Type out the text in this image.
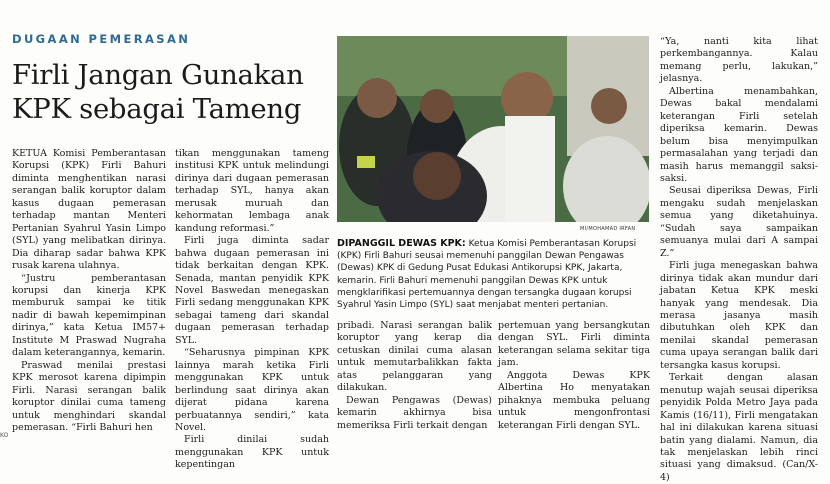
DUGAAN PEMERASAN
Firli Jangan Gunakan KPK sebagai Tameng

KETUA Komisi Pemberantasan Korupsi (KPK) Firli Bahuri diminta menghentikan narasi serangan balik koruptor dalam kasus dugaan pemerasan terhadap mantan Menteri Pertanian Syahrul Yasin Limpo (SYL) yang melibatkan dirinya. Dia diharap sadar bahwa KPK rusak karena ulahnya.

“Justru pemberantasan korupsi dan kinerja KPK memburuk sampai ke titik nadir di bawah kepemimpinan dirinya,” kata Ketua IM57+ Institute M Praswad Nugraha dalam keterangannya, kemarin.

Praswad menilai prestasi KPK merosot karena dipimpin Firli. Narasi serangan balik koruptor dinilai cuma tameng untuk menghindari skandal pemerasan. “Firli Bahuri hen

tikan menggunakan tameng institusi KPK untuk melindungi dirinya dari dugaan pemerasan terhadap SYL, hanya akan merusak muruah dan kehormatan lembaga anak kandung reformasi.”

Firli juga diminta sadar bahwa dugaan pemerasan ini tidak berkaitan dengan KPK. Senada, mantan penyidik KPK Novel Baswedan menegaskan Firli sedang menggunakan KPK sebagai tameng dari skandal dugaan pemerasan terhadap SYL.

“Seharusnya pimpinan KPK lainnya marah ketika Firli menggunakan KPK untuk berlindung saat dirinya akan dijerat pidana karena perbuatannya sendiri,” kata Novel.

Firli dinilai sudah menggunakan KPK untuk kepentingan

MI/MOHAMAD IRFAN
DIPANGGIL DEWAS KPK: Ketua Komisi Pemberantasan Korupsi (KPK) Firli Bahuri seusai memenuhi panggilan Dewan Pengawas (Dewas) KPK di Gedung Pusat Edukasi Antikorupsi KPK, Jakarta, kemarin. Firli Bahuri memenuhi panggilan Dewas KPK untuk mengklarifikasi pertemuannya dengan tersangka dugaan korupsi Syahrul Yasin Limpo (SYL) saat menjabat menteri pertanian.

pribadi. Narasi serangan balik koruptor yang kerap dia cetuskan dinilai cuma alasan untuk memutarbalikkan fakta atas pelanggaran yang dilakukan.

Dewan Pengawas (Dewas) kemarin akhirnya bisa memeriksa Firli terkait dengan

pertemuan yang bersangkutan dengan SYL. Firli diminta keterangan selama sekitar tiga jam.

Anggota Dewas KPK Albertina Ho menyatakan pihaknya membuka peluang untuk mengonfrontasi keterangan Firli dengan SYL.

“Ya, nanti kita lihat perkembangannya. Kalau memang perlu, lakukan,” jelasnya.

Albertina menambahkan, Dewas bakal mendalami keterangan Firli setelah diperiksa kemarin. Dewas belum bisa menyimpulkan permasalahan yang terjadi dan masih harus memanggil saksi-saksi.

Seusai diperiksa Dewas, Firli mengaku sudah menjelaskan semua yang diketahuinya. “Sudah saya sampaikan semuanya mulai dari A sampai Z.”

Firli juga menegaskan bahwa dirinya tidak akan mundur dari jabatan Ketua KPK meski hanyak yang mendesak. Dia merasa jasanya masih dibutuhkan oleh KPK dan menilai skandal pemerasan cuma upaya serangan balik dari tersangka kasus korupsi.

Terkait dengan alasan menutup wajah seusai diperiksa penyidik Polda Metro Jaya pada Kamis (16/11), Firli mengatakan hal ini dilakukan karena situasi batin yang dialami. Namun, dia tak menjelaskan lebih rinci situasi yang dimaksud. (Can/X-4)

KO
